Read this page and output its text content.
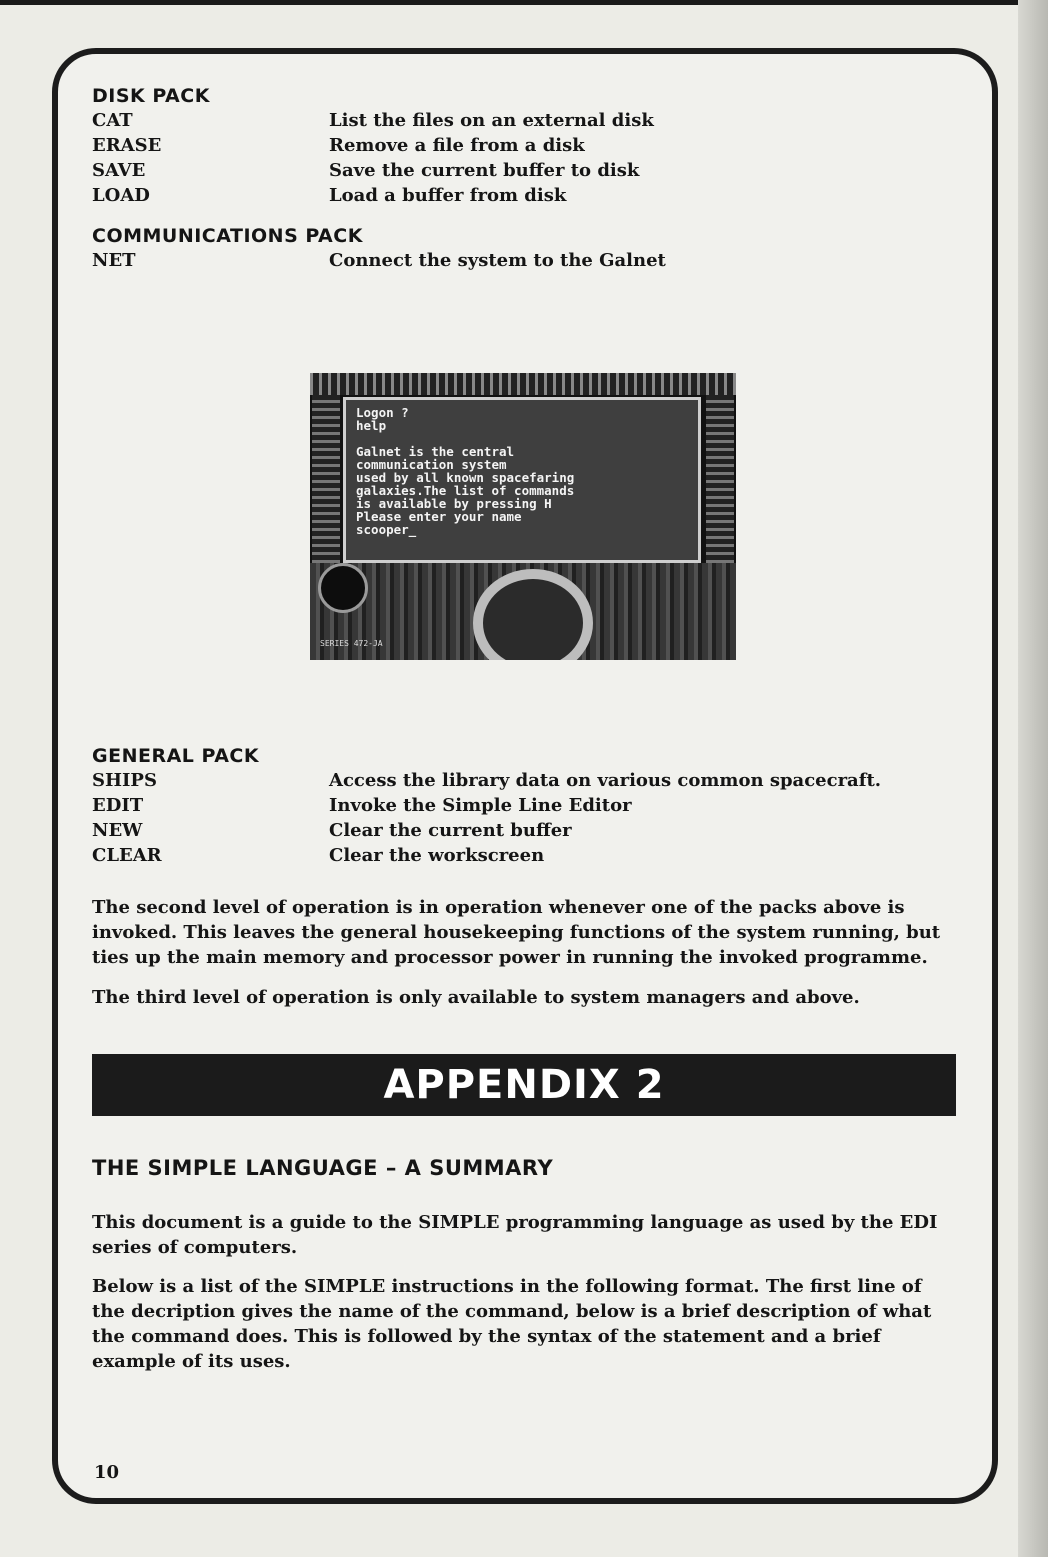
DISK PACK
CAT	List the files on an external disk
ERASE	Remove a file from a disk
SAVE	Save the current buffer to disk
LOAD	Load a buffer from disk
COMMUNICATIONS PACK
NET	Connect the system to the Galnet
Logon ?
help
Galnet is the central
communication system
used by all known spacefaring
galaxies.The list of commands
is available by pressing H
Please enter your name
scooper_
SERIES 472-JA
GENERAL PACK
SHIPS	Access the library data on various common spacecraft.
EDIT	Invoke the Simple Line Editor
NEW	Clear the current buffer
CLEAR	Clear the workscreen

The second level of operation is in operation whenever one of the packs above is invoked. This leaves the general housekeeping functions of the system running, but ties up the main memory and processor power in running the invoked programme.

The third level of operation is only available to system managers and above.

APPENDIX 2
THE SIMPLE LANGUAGE – A SUMMARY

This document is a guide to the SIMPLE programming language as used by the EDI series of computers.

Below is a list of the SIMPLE instructions in the following format. The first line of the decription gives the name of the command, below is a brief description of what the command does. This is followed by the syntax of the statement and a brief example of its uses.

10
